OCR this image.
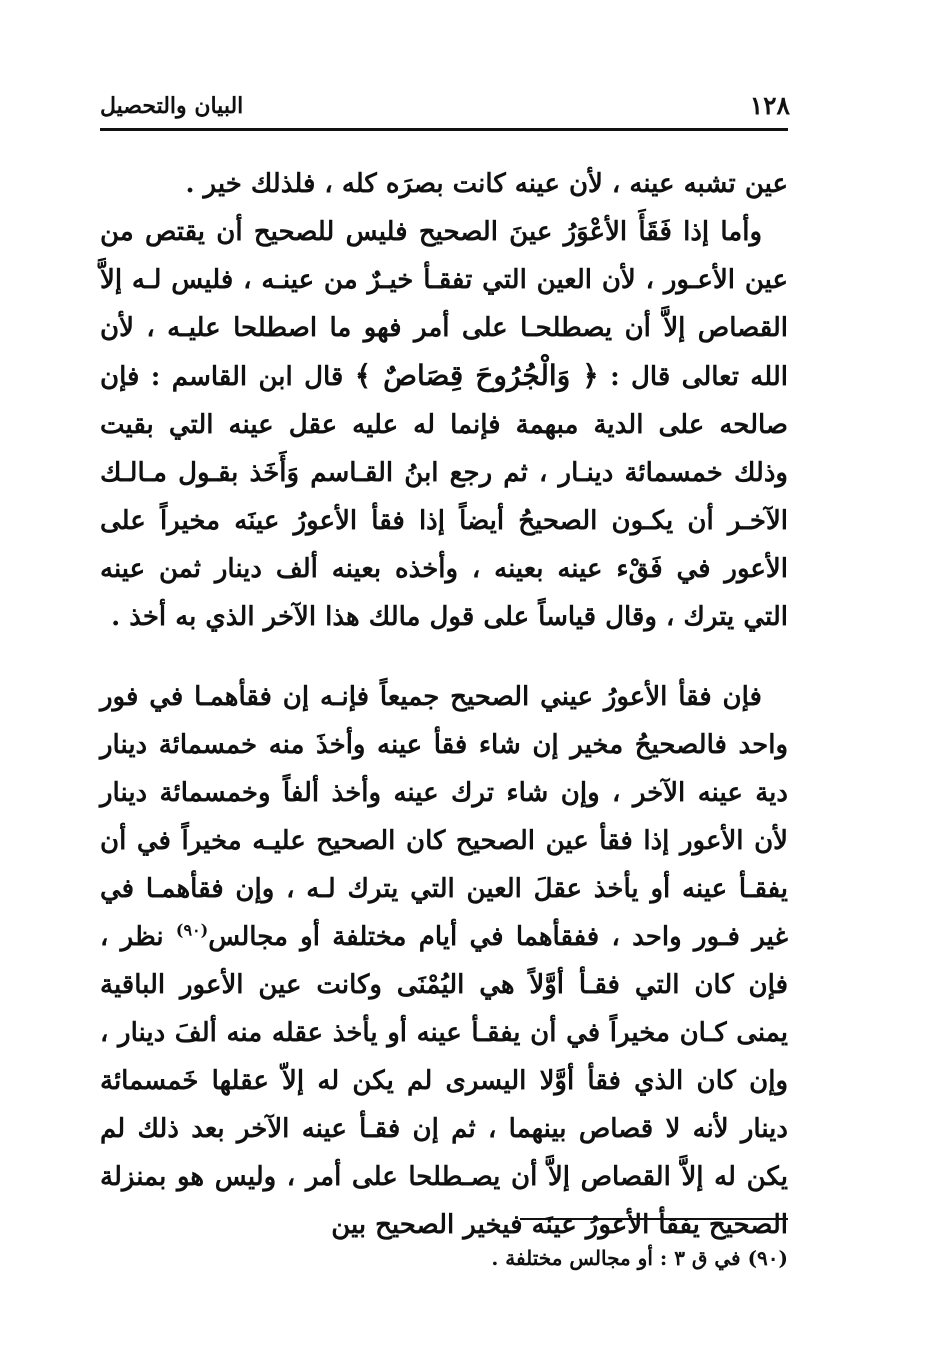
١٢٨
البيان والتحصيل

عين تشبه عينه ، لأن عينه كانت بصرَه كله ، فلذلك خير .

وأما إذا فَقَأَ الأعْوَرُ عينَ الصحيح فليس للصحيح أن يقتص من عين الأعـور ، لأن العين التي تفقـأ خيـرٌ من عينـه ، فليس لـه إلاَّ القصاص إلاَّ أن يصطلحـا على أمر فهو ما اصطلحا عليـه ، لأن الله تعالى قال : ﴿ وَالْجُرُوحَ قِصَاصٌ ﴾ قال ابن القاسم : فإن صالحه على الدية مبهمة فإنما له عليه عقل عينه التي بقيت وذلك خمسمائة دينـار ، ثم رجع ابنُ القـاسم وَأَخَذ بقـول مـالـك الآخـر أن يكـون الصحيحُ أيضاً إذا فقأ الأعورُ عينَه مخيراً على الأعور في فَقْء عينه بعينه ، وأخذه بعينه ألف دينار ثمن عينه التي يترك ، وقال قياساً على قول مالك هذا الآخر الذي به أخذ .

فإن فقأ الأعورُ عيني الصحيح جميعاً فإنـه إن فقأهمـا في فور واحد فالصحيحُ مخير إن شاء فقأ عينه وأخذَ منه خمسمائة دينار دية عينه الآخر ، وإن شاء ترك عينه وأخذ ألفاً وخمسمائة دينار لأن الأعور إذا فقأ عين الصحيح كان الصحيح عليـه مخيراً في أن يفقـأ عينه أو يأخذ عقلَ العين التي يترك لـه ، وإن فقأهمـا في غير فـور واحد ، ففقأهما في أيام مختلفة أو مجالس$^{(٩٠)}$ نظر ، فإن كان التي فقـأ أوَّلاً هي اليُمْنَى وكانت عين الأعور الباقية يمنى كـان مخيراً في أن يفقـأ عينه أو يأخذ عقله منه ألفَ دينار ، وإن كان الذي فقأ أوَّلا اليسرى لم يكن له إلاّ عقلها خَمسمائة دينار لأنه لا قصاص بينهما ، ثم إن فقـأ عينه الآخر بعد ذلك لم يكن له إلاَّ القصاص إلاَّ أن يصـطلحا على أمر ، وليس هو بمنزلة الصحيح يفقأ الأعورُ عينَه فيخير الصحيح بين

(٩٠) في ق ٣ : أو مجالس مختلفة .
